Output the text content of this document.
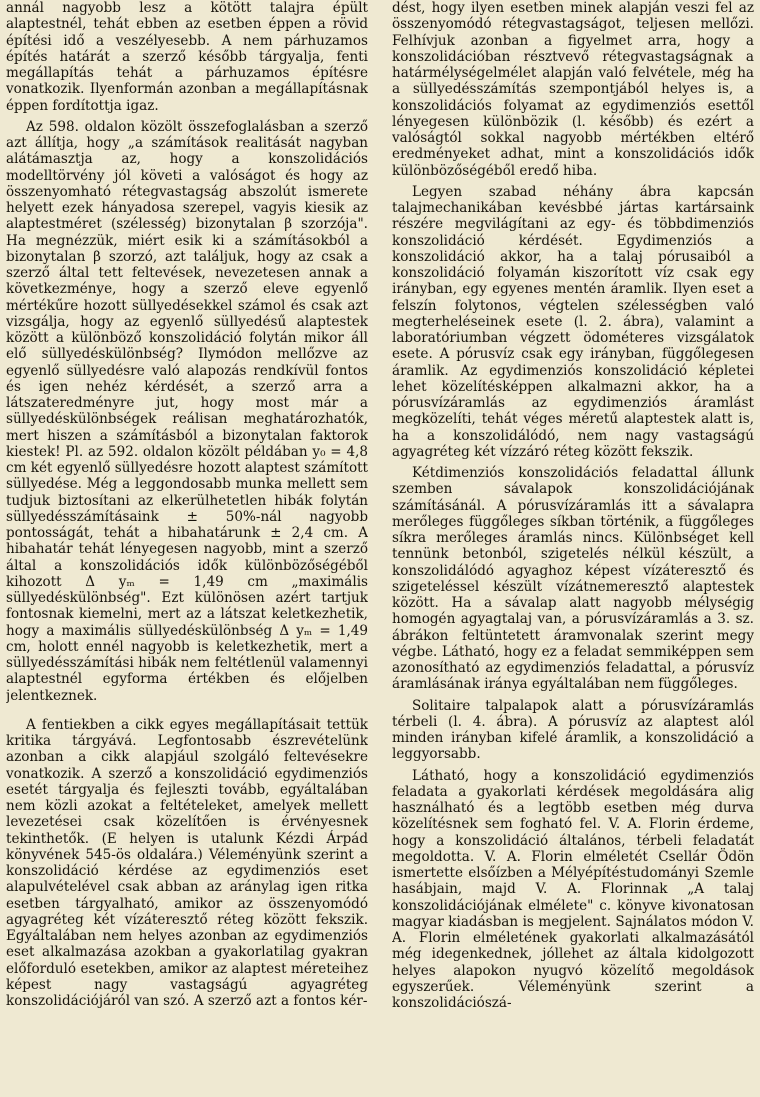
annál nagyobb lesz a kötött talajra épült alaptestnél, tehát ebben az esetben éppen a rövid építési idő a veszélyesebb. A nem párhuzamos építés határát a szerző később tárgyalja, fenti megállapítás tehát a párhuzamos építésre vonatkozik. Ilyenformán azonban a megállapításnak éppen fordítottja igaz.

Az 598. oldalon közölt összefoglalásban a szerző azt állítja, hogy „a számítások realitását nagyban alátámasztja az, hogy a konszolidációs modelltörvény jól követi a valóságot és hogy az összenyomható rétegvastagság abszolút ismerete helyett ezek hányadosa szerepel, vagyis kiesik az alaptestméret (szélesség) bizonytalan β szorzója". Ha megnézzük, miért esik ki a számításokból a bizonytalan β szorzó, azt találjuk, hogy az csak a szerző által tett feltevések, nevezetesen annak a következménye, hogy a szerző eleve egyenlő mértékűre hozott süllyedésekkel számol és csak azt vizsgálja, hogy az egyenlő süllyedésű alaptestek között a különböző konszolidáció folytán mikor áll elő süllyedéskülönbség? Ilymódon mellőzve az egyenlő süllyedésre való alapozás rendkívül fontos és igen nehéz kérdését, a szerző arra a látszateredményre jut, hogy most már a süllyedéskülönbségek reálisan meghatározhatók, mert hiszen a számításból a bizonytalan faktorok kiestek! Pl. az 592. oldalon közölt példában y₀ = 4,8 cm két egyenlő süllyedésre hozott alaptest számított süllyedése. Még a leggondosabb munka mellett sem tudjuk biztosítani az elkerülhetetlen hibák folytán süllyedésszámításaink ± 50%-nál nagyobb pontosságát, tehát a hibahatárunk ± 2,4 cm. A hibahatár tehát lényegesen nagyobb, mint a szerző által a konszolidációs idők különbözőségéből kihozott Δ yₘ = 1,49 cm „maximális süllyedéskülönbség". Ezt különösen azért tartjuk fontosnak kiemelni, mert az a látszat keletkezhetik, hogy a maximális süllyedéskülönbség Δ yₘ = 1,49 cm, holott ennél nagyobb is keletkezhetik, mert a süllyedésszámítási hibák nem feltétlenül valamennyi alaptestnél egyforma értékben és előjelben jelentkeznek.

A fentiekben a cikk egyes megállapításait tettük kritika tárgyává. Legfontosabb észrevételünk azonban a cikk alapjául szolgáló feltevésekre vonatkozik. A szerző a konszolidáció egydimenziós esetét tárgyalja és fejleszti tovább, egyáltalában nem közli azokat a feltételeket, amelyek mellett levezetései csak közelítően is érvényesnek tekinthetők. (E helyen is utalunk Kézdi Árpád könyvének 545-ös oldalára.) Véleményünk szerint a konszolidáció kérdése az egydimenziós eset alapulvételével csak abban az aránylag igen ritka esetben tárgyalható, amikor az összenyomódó agyagréteg két vízáteresztő réteg között fekszik. Egyáltalában nem helyes azonban az egydimenziós eset alkalmazása azokban a gyakorlatilag gyakran előforduló esetekben, amikor az alaptest méreteihez képest nagy vastagságú agyagréteg konszolidációjáról van szó. A szerző azt a fontos kér-

dést, hogy ilyen esetben minek alapján veszi fel az összenyomódó rétegvastagságot, teljesen mellőzi. Felhívjuk azonban a figyelmet arra, hogy a konszolidációban résztvevő rétegvastagságnak a határmélységelmélet alapján való felvétele, még ha a süllyedésszámítás szempontjából helyes is, a konszolidációs folyamat az egydimenziós esettől lényegesen különbözik (l. később) és ezért a valóságtól sokkal nagyobb mértékben eltérő eredményeket adhat, mint a konszolidációs idők különbözőségéből eredő hiba.

Legyen szabad néhány ábra kapcsán talajmechanikában kevésbbé jártas kartársaink részére megvilágítani az egy- és többdimenziós konszolidáció kérdését. Egydimenziós a konszolidáció akkor, ha a talaj pórusaiból a konszolidáció folyamán kiszorított víz csak egy irányban, egy egyenes mentén áramlik. Ilyen eset a felszín folytonos, végtelen szélességben való megterheléseinek esete (l. 2. ábra), valamint a laboratóriumban végzett ödométeres vizsgálatok esete. A pórusvíz csak egy irányban, függőlegesen áramlik. Az egydimenziós konszolidáció képletei lehet közelítésképpen alkalmazni akkor, ha a pórusvízáramlás az egydimenziós áramlást megközelíti, tehát véges méretű alaptestek alatt is, ha a konszolidálódó, nem nagy vastagságú agyagréteg két vízzáró réteg között fekszik.

Kétdimenziós konszolidációs feladattal állunk szemben sávalapok konszolidációjának számításánál. A pórusvízáramlás itt a sávalapra merőleges függőleges síkban történik, a függőleges síkra merőleges áramlás nincs. Különbséget kell tennünk betonból, szigetelés nélkül készült, a konszolidálódó agyaghoz képest vízáteresztő és szigeteléssel készült vízátnemeresztő alaptestek között. Ha a sávalap alatt nagyobb mélységig homogén agyagtalaj van, a pórusvízáramlás a 3. sz. ábrákon feltüntetett áramvonalak szerint megy végbe. Látható, hogy ez a feladat semmiképpen sem azonosítható az egydimenziós feladattal, a pórusvíz áramlásának iránya egyáltalában nem függőleges.

Solitaire talpalapok alatt a pórusvízáramlás térbeli (l. 4. ábra). A pórusvíz az alaptest alól minden irányban kifelé áramlik, a konszolidáció a leggyorsabb.

Látható, hogy a konszolidáció egydimenziós feladata a gyakorlati kérdések megoldására alig használható és a legtöbb esetben még durva közelítésnek sem fogható fel. V. A. Florin érdeme, hogy a konszolidáció általános, térbeli feladatát megoldotta. V. A. Florin elméletét Csellár Ödön ismertette elsőízben a Mélyépítéstudományi Szemle hasábjain, majd V. A. Florinnak „A talaj konszolidációjának elmélete" c. könyve kivonatosan magyar kiadásban is megjelent. Sajnálatos módon V. A. Florin elméletének gyakorlati alkalmazásától még idegenkednek, jóllehet az általa kidolgozott helyes alapokon nyugvó közelítő megoldások egyszerűek. Véleményünk szerint a konszolidációszá-
